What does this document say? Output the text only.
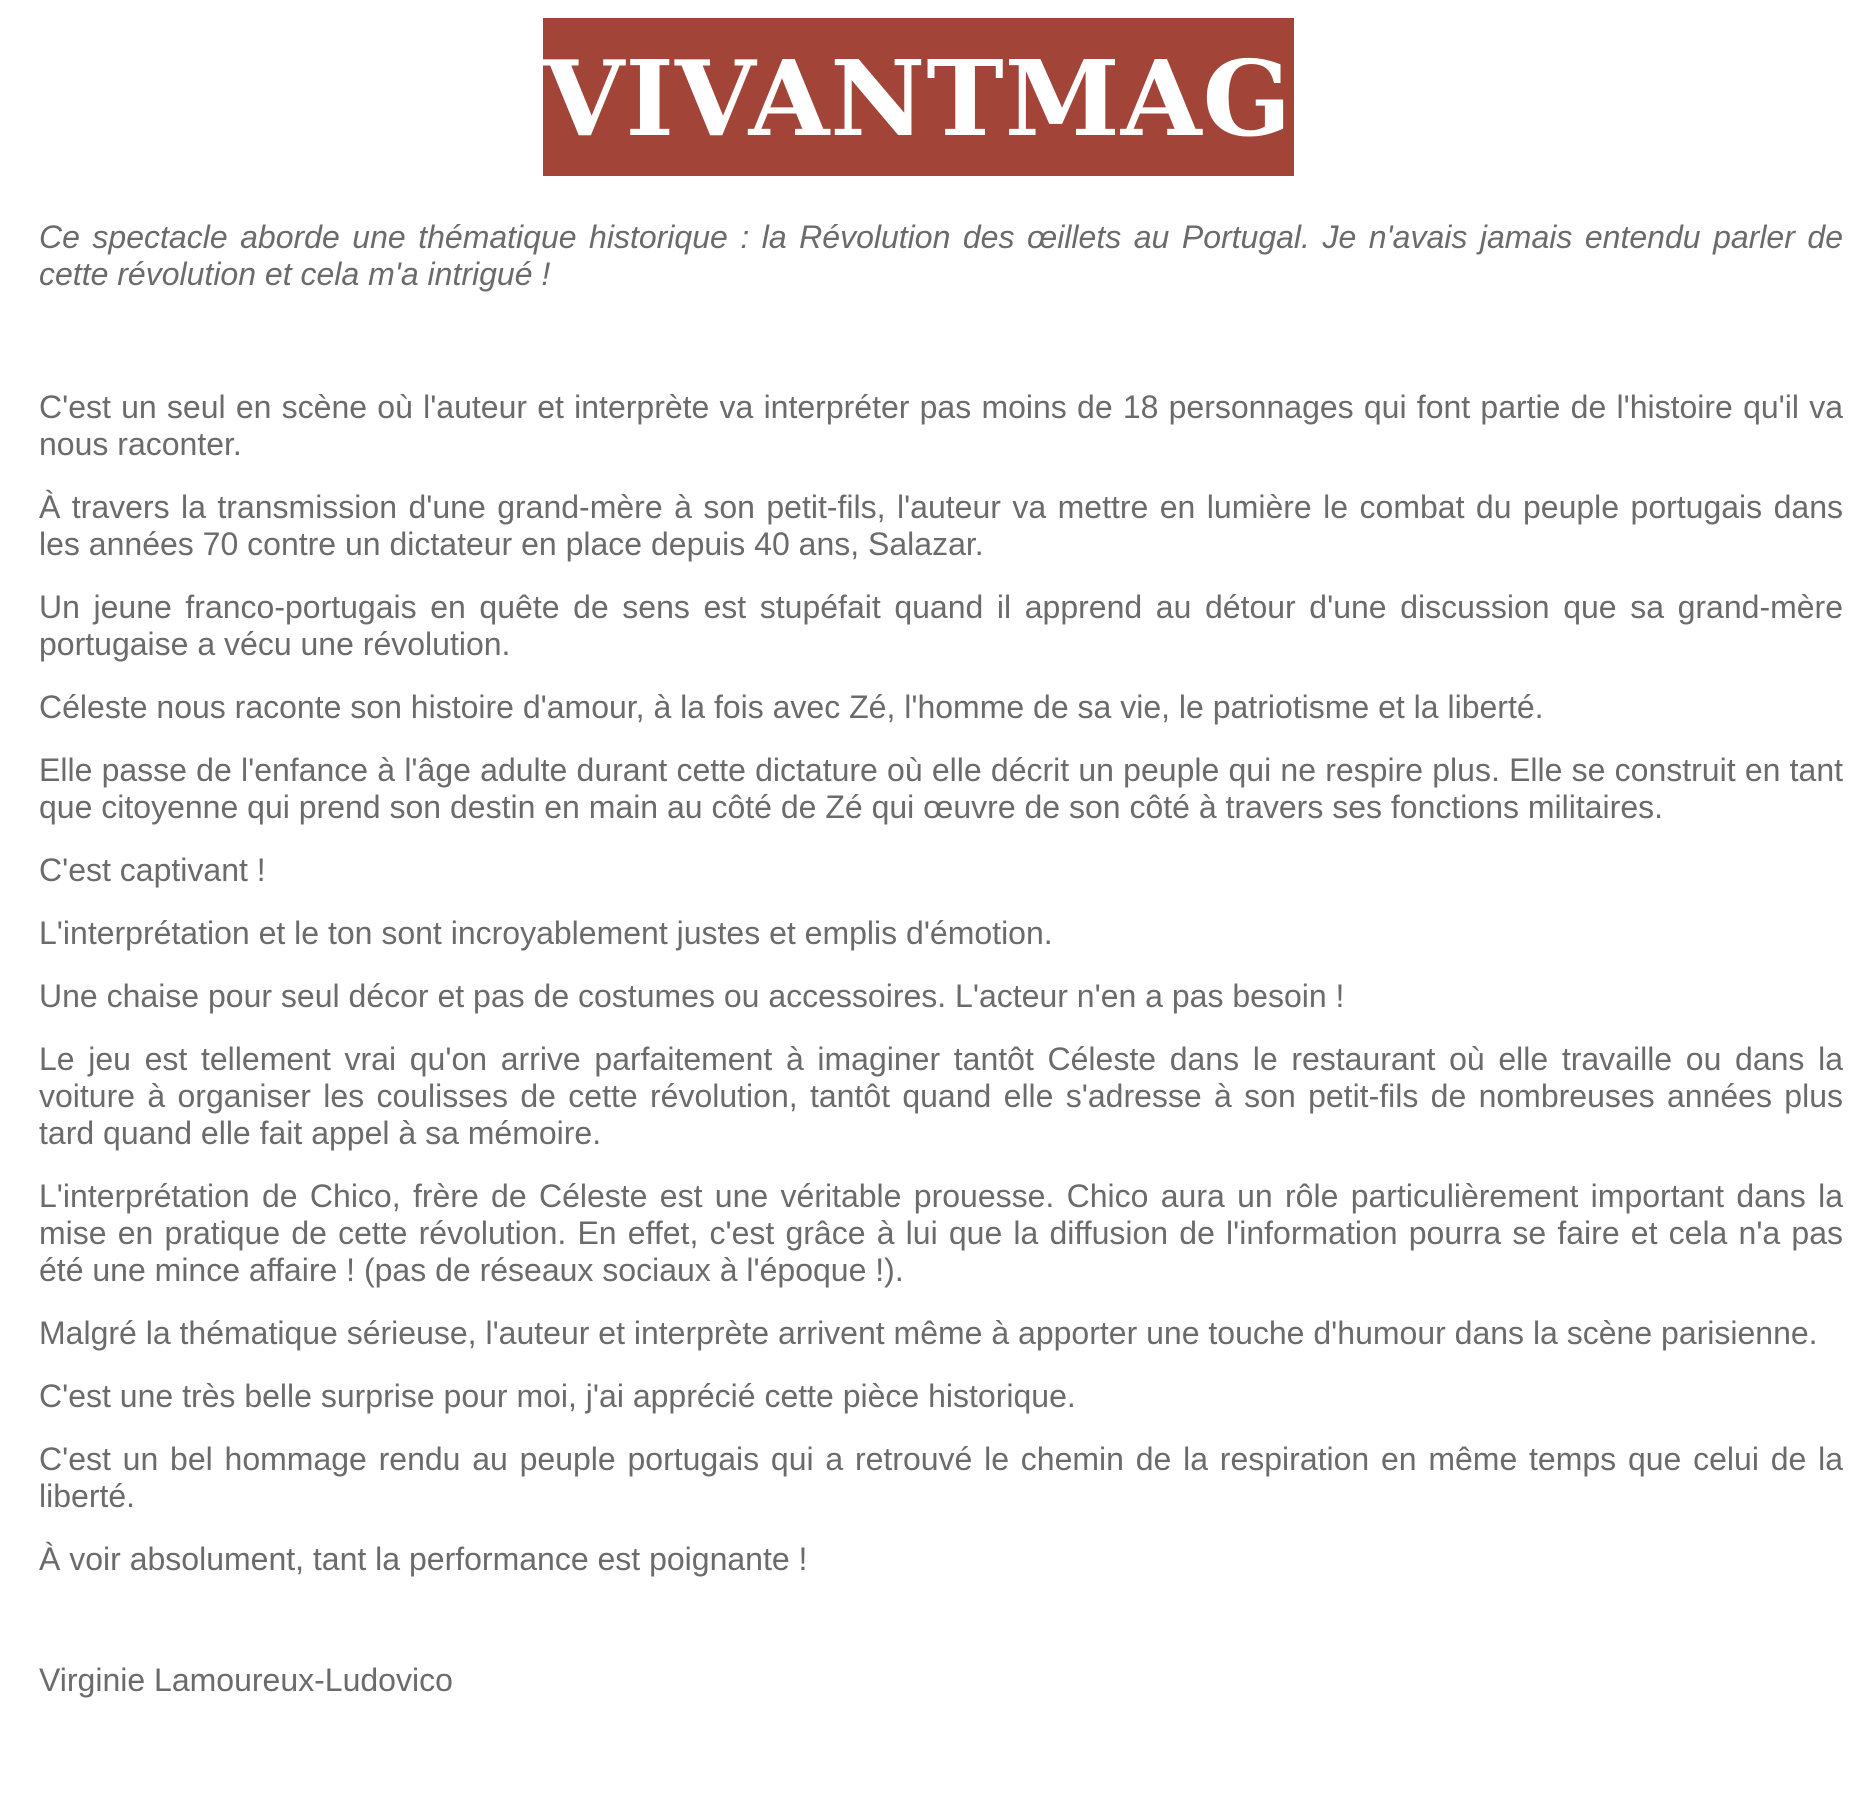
VIVANTMAG

Ce spectacle aborde une thématique historique : la Révolution des œillets au Portugal. Je n'avais jamais entendu parler de cette révolution et cela m'a intrigué !

C'est un seul en scène où l'auteur et interprète va interpréter pas moins de 18 personnages qui font partie de l'histoire qu'il va nous raconter.

À travers la transmission d'une grand-mère à son petit-fils, l'auteur va mettre en lumière le combat du peuple portugais dans les années 70 contre un dictateur en place depuis 40 ans, Salazar.

Un jeune franco-portugais en quête de sens est stupéfait quand il apprend au détour d'une discussion que sa grand-mère portugaise a vécu une révolution.

Céleste nous raconte son histoire d'amour, à la fois avec Zé, l'homme de sa vie, le patriotisme et la liberté.

Elle passe de l'enfance à l'âge adulte durant cette dictature où elle décrit un peuple qui ne respire plus. Elle se construit en tant que citoyenne qui prend son destin en main au côté de Zé qui œuvre de son côté à travers ses fonctions militaires.

C'est captivant !

L'interprétation et le ton sont incroyablement justes et emplis d'émotion.

Une chaise pour seul décor et pas de costumes ou accessoires. L'acteur n'en a pas besoin !

Le jeu est tellement vrai qu'on arrive parfaitement à imaginer tantôt Céleste dans le restaurant où elle travaille ou dans la voiture à organiser les coulisses de cette révolution, tantôt quand elle s'adresse à son petit-fils de nombreuses années plus tard quand elle fait appel à sa mémoire.

L'interprétation de Chico, frère de Céleste est une véritable prouesse. Chico aura un rôle particulièrement important dans la mise en pratique de cette révolution. En effet, c'est grâce à lui que la diffusion de l'information pourra se faire et cela n'a pas été une mince affaire ! (pas de réseaux sociaux à l'époque !).

Malgré la thématique sérieuse, l'auteur et interprète arrivent même à apporter une touche d'humour dans la scène parisienne.

C'est une très belle surprise pour moi, j'ai apprécié cette pièce historique.

C'est un bel hommage rendu au peuple portugais qui a retrouvé le chemin de la respiration en même temps que celui de la liberté.

À voir absolument, tant la performance est poignante !

Virginie Lamoureux-Ludovico
